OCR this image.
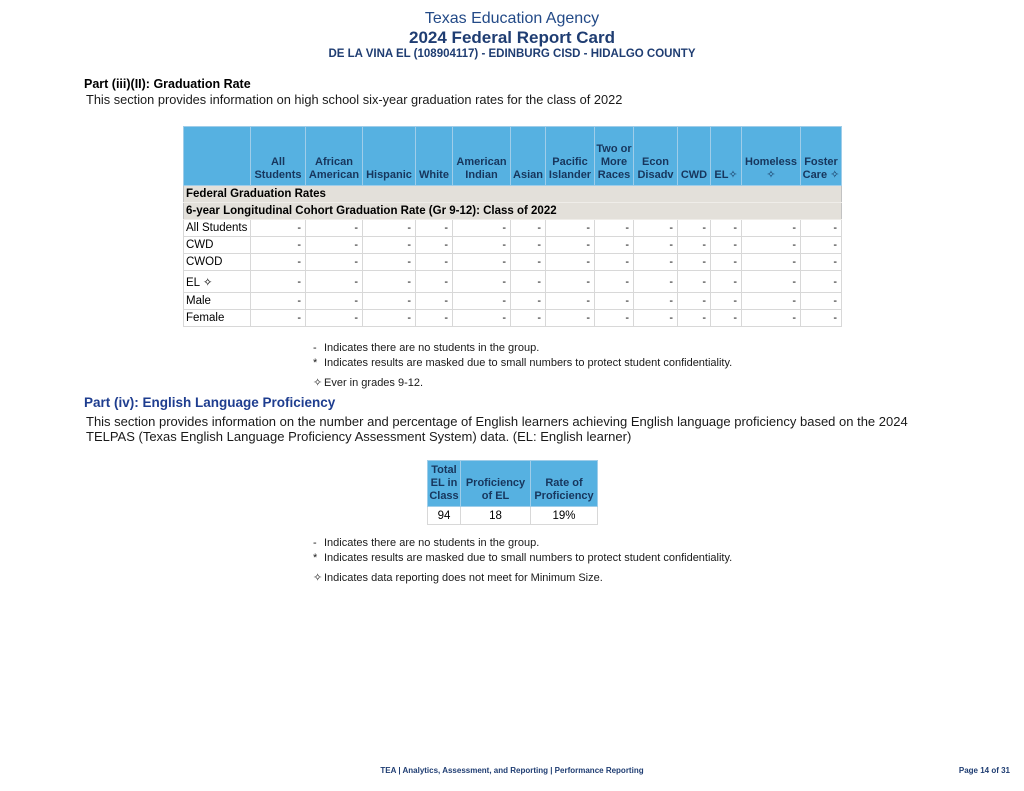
Texas Education Agency
2024 Federal Report Card
DE LA VINA EL (108904117) - EDINBURG CISD - HIDALGO COUNTY
Part (iii)(II): Graduation Rate
This section provides information on high school six-year graduation rates for the class of 2022
	All Students	African American	Hispanic	White	American Indian	Asian	Pacific Islander	Two or More Races	Econ Disadv	CWD	EL✧	Homeless ✧	Foster Care ✧
Federal Graduation Rates													
6-year Longitudinal Cohort Graduation Rate (Gr 9-12): Class of 2022													
All Students	-	-	-	-	-	-	-	-	-	-	-	-	-
CWD	-	-	-	-	-	-	-	-	-	-	-	-	-
CWOD	-	-	-	-	-	-	-	-	-	-	-	-	-
EL ✧	-	-	-	-	-	-	-	-	-	-	-	-	-
Male	-	-	-	-	-	-	-	-	-	-	-	-	-
Female	-	-	-	-	-	-	-	-	-	-	-	-	-
- Indicates there are no students in the group.
* Indicates results are masked due to small numbers to protect student confidentiality.
✧ Ever in grades 9-12.
Part (iv): English Language Proficiency
This section provides information on the number and percentage of English learners achieving English language proficiency based on the 2024 TELPAS (Texas English Language Proficiency Assessment System) data. (EL: English learner)
Total EL in Class	Proficiency of EL	Rate of Proficiency
94	18	19%
- Indicates there are no students in the group.
* Indicates results are masked due to small numbers to protect student confidentiality.
✧ Indicates data reporting does not meet for Minimum Size.
TEA | Analytics, Assessment, and Reporting | Performance Reporting	Page 14 of 31
